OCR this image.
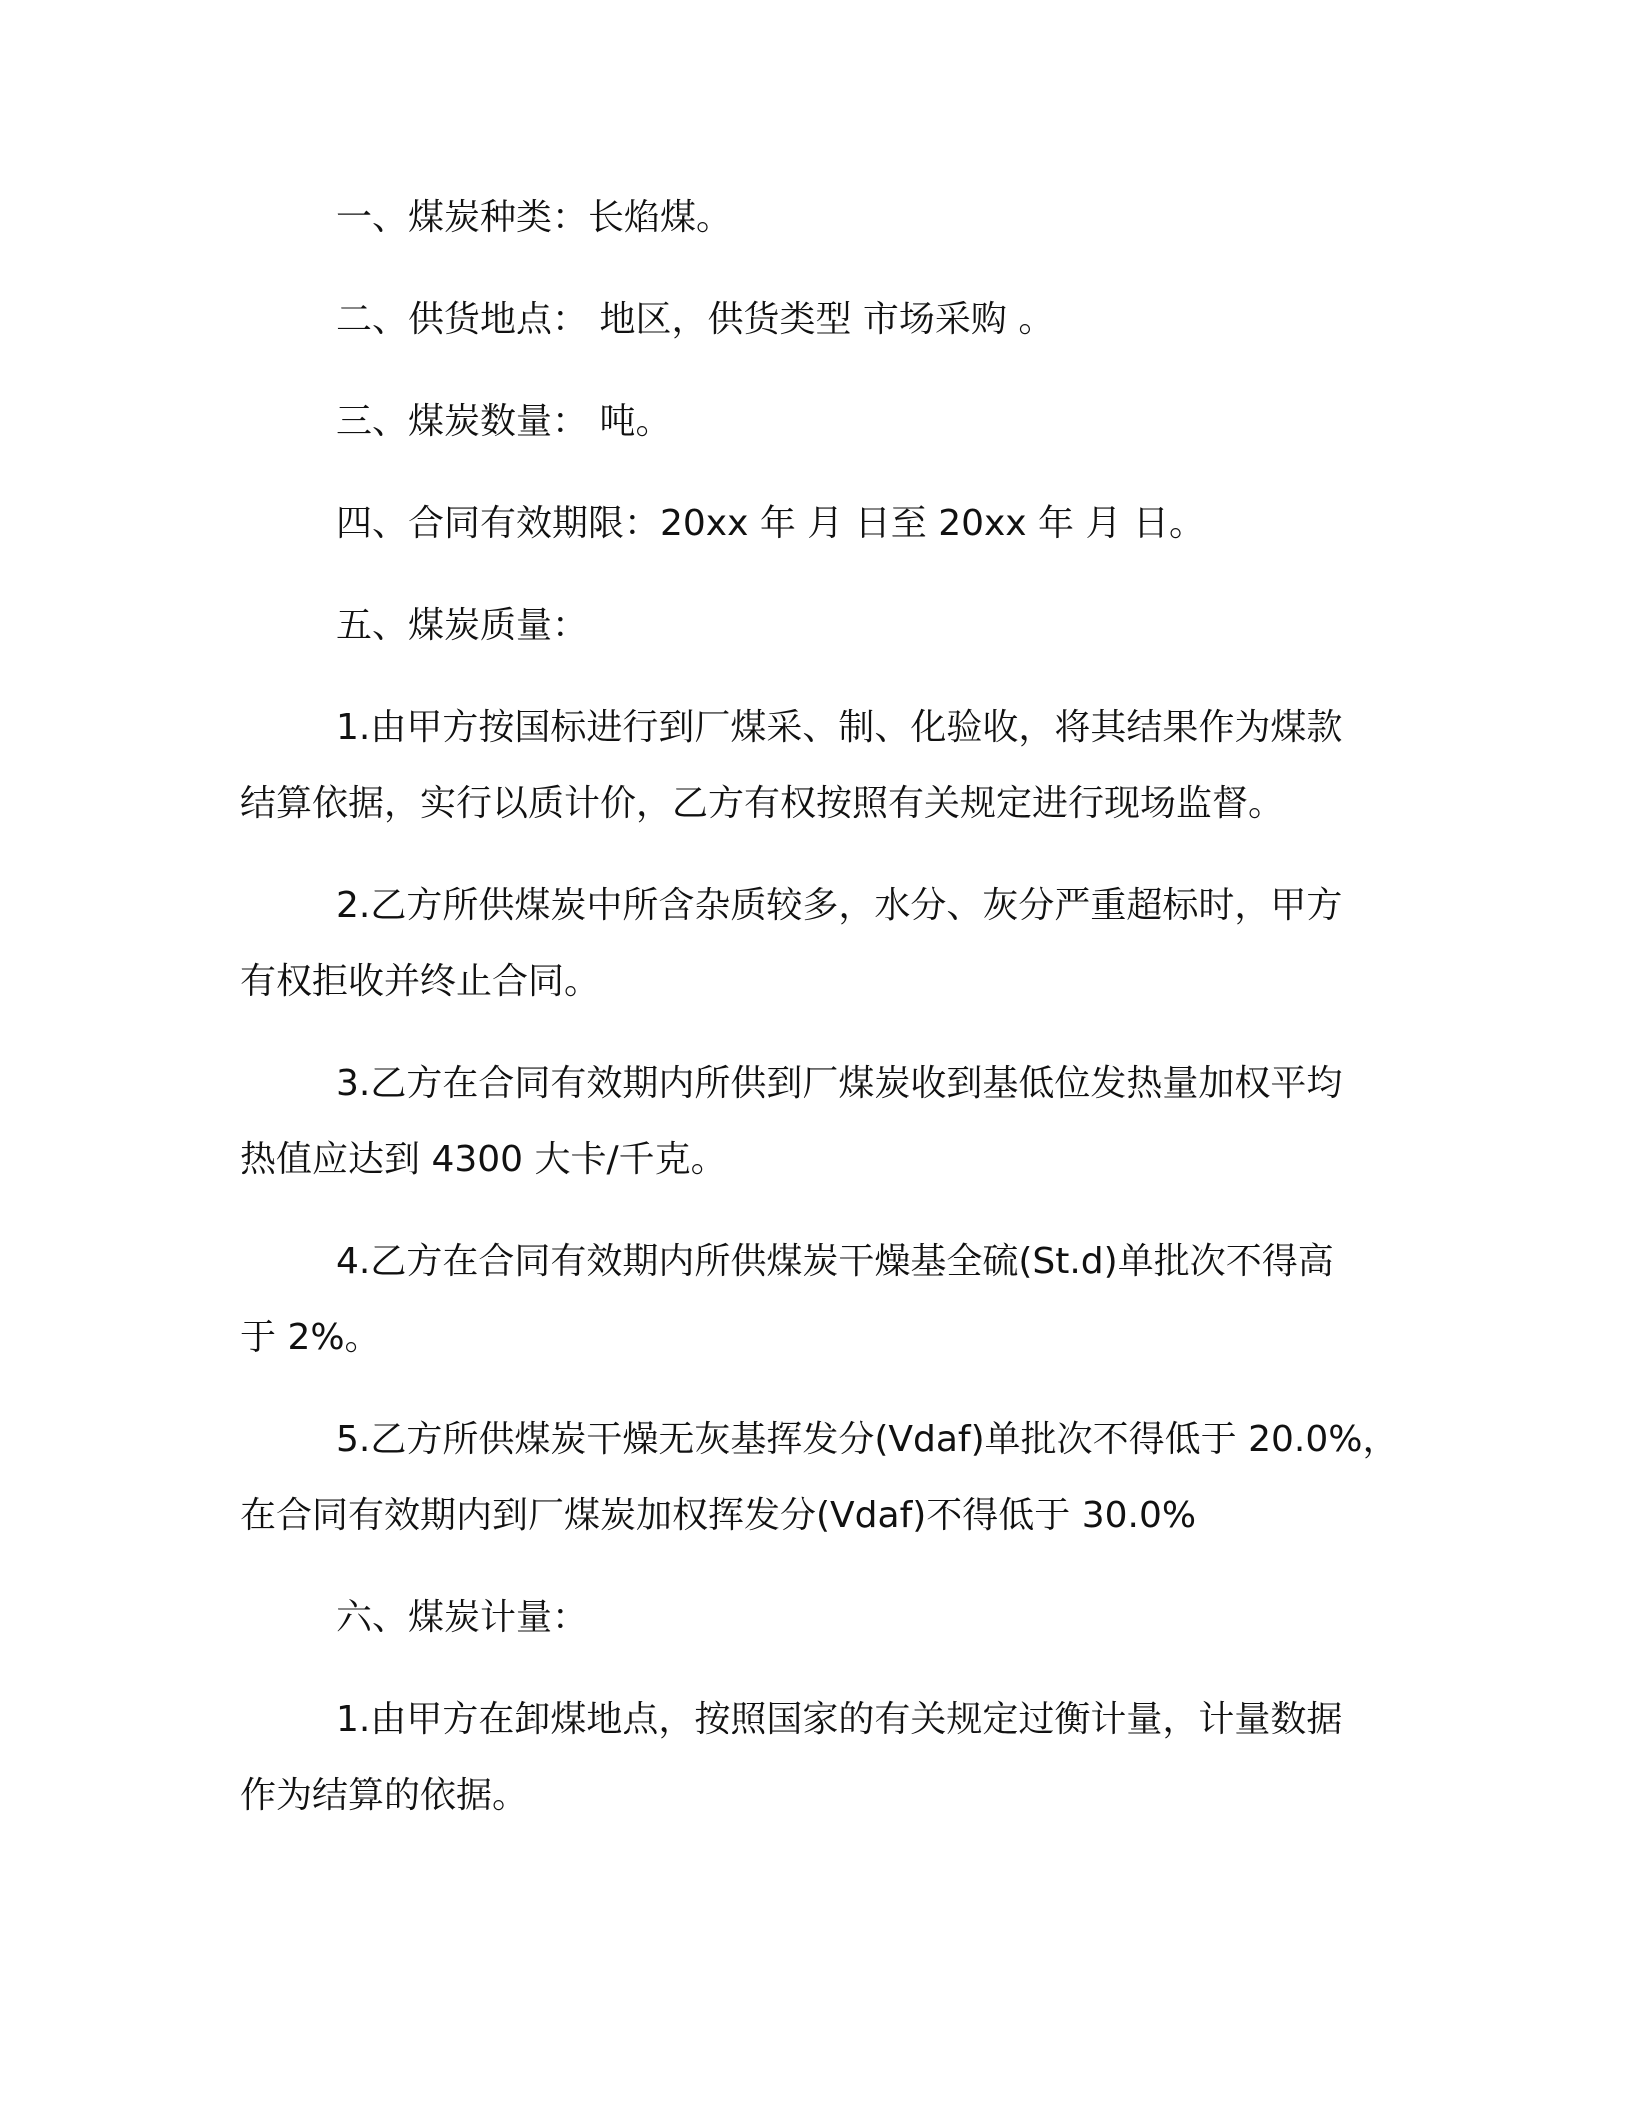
一、煤炭种类：长焰煤。

二、供货地点： 地区，供货类型 市场采购 。

三、煤炭数量： 吨。

四、合同有效期限：20xx 年 月 日至 20xx 年 月 日。

五、煤炭质量：

1.由甲方按国标进行到厂煤采、制、化验收，将其结果作为煤款
结算依据，实行以质计价，乙方有权按照有关规定进行现场监督。

2.乙方所供煤炭中所含杂质较多，水分、灰分严重超标时，甲方
有权拒收并终止合同。

3.乙方在合同有效期内所供到厂煤炭收到基低位发热量加权平均
热值应达到 4300 大卡/千克。

4.乙方在合同有效期内所供煤炭干燥基全硫(St.d)单批次不得高
于 2%。

5.乙方所供煤炭干燥无灰基挥发分(Vdaf)单批次不得低于 20.0%，
在合同有效期内到厂煤炭加权挥发分(Vdaf)不得低于 30.0%

六、煤炭计量：

1.由甲方在卸煤地点，按照国家的有关规定过衡计量，计量数据
作为结算的依据。
